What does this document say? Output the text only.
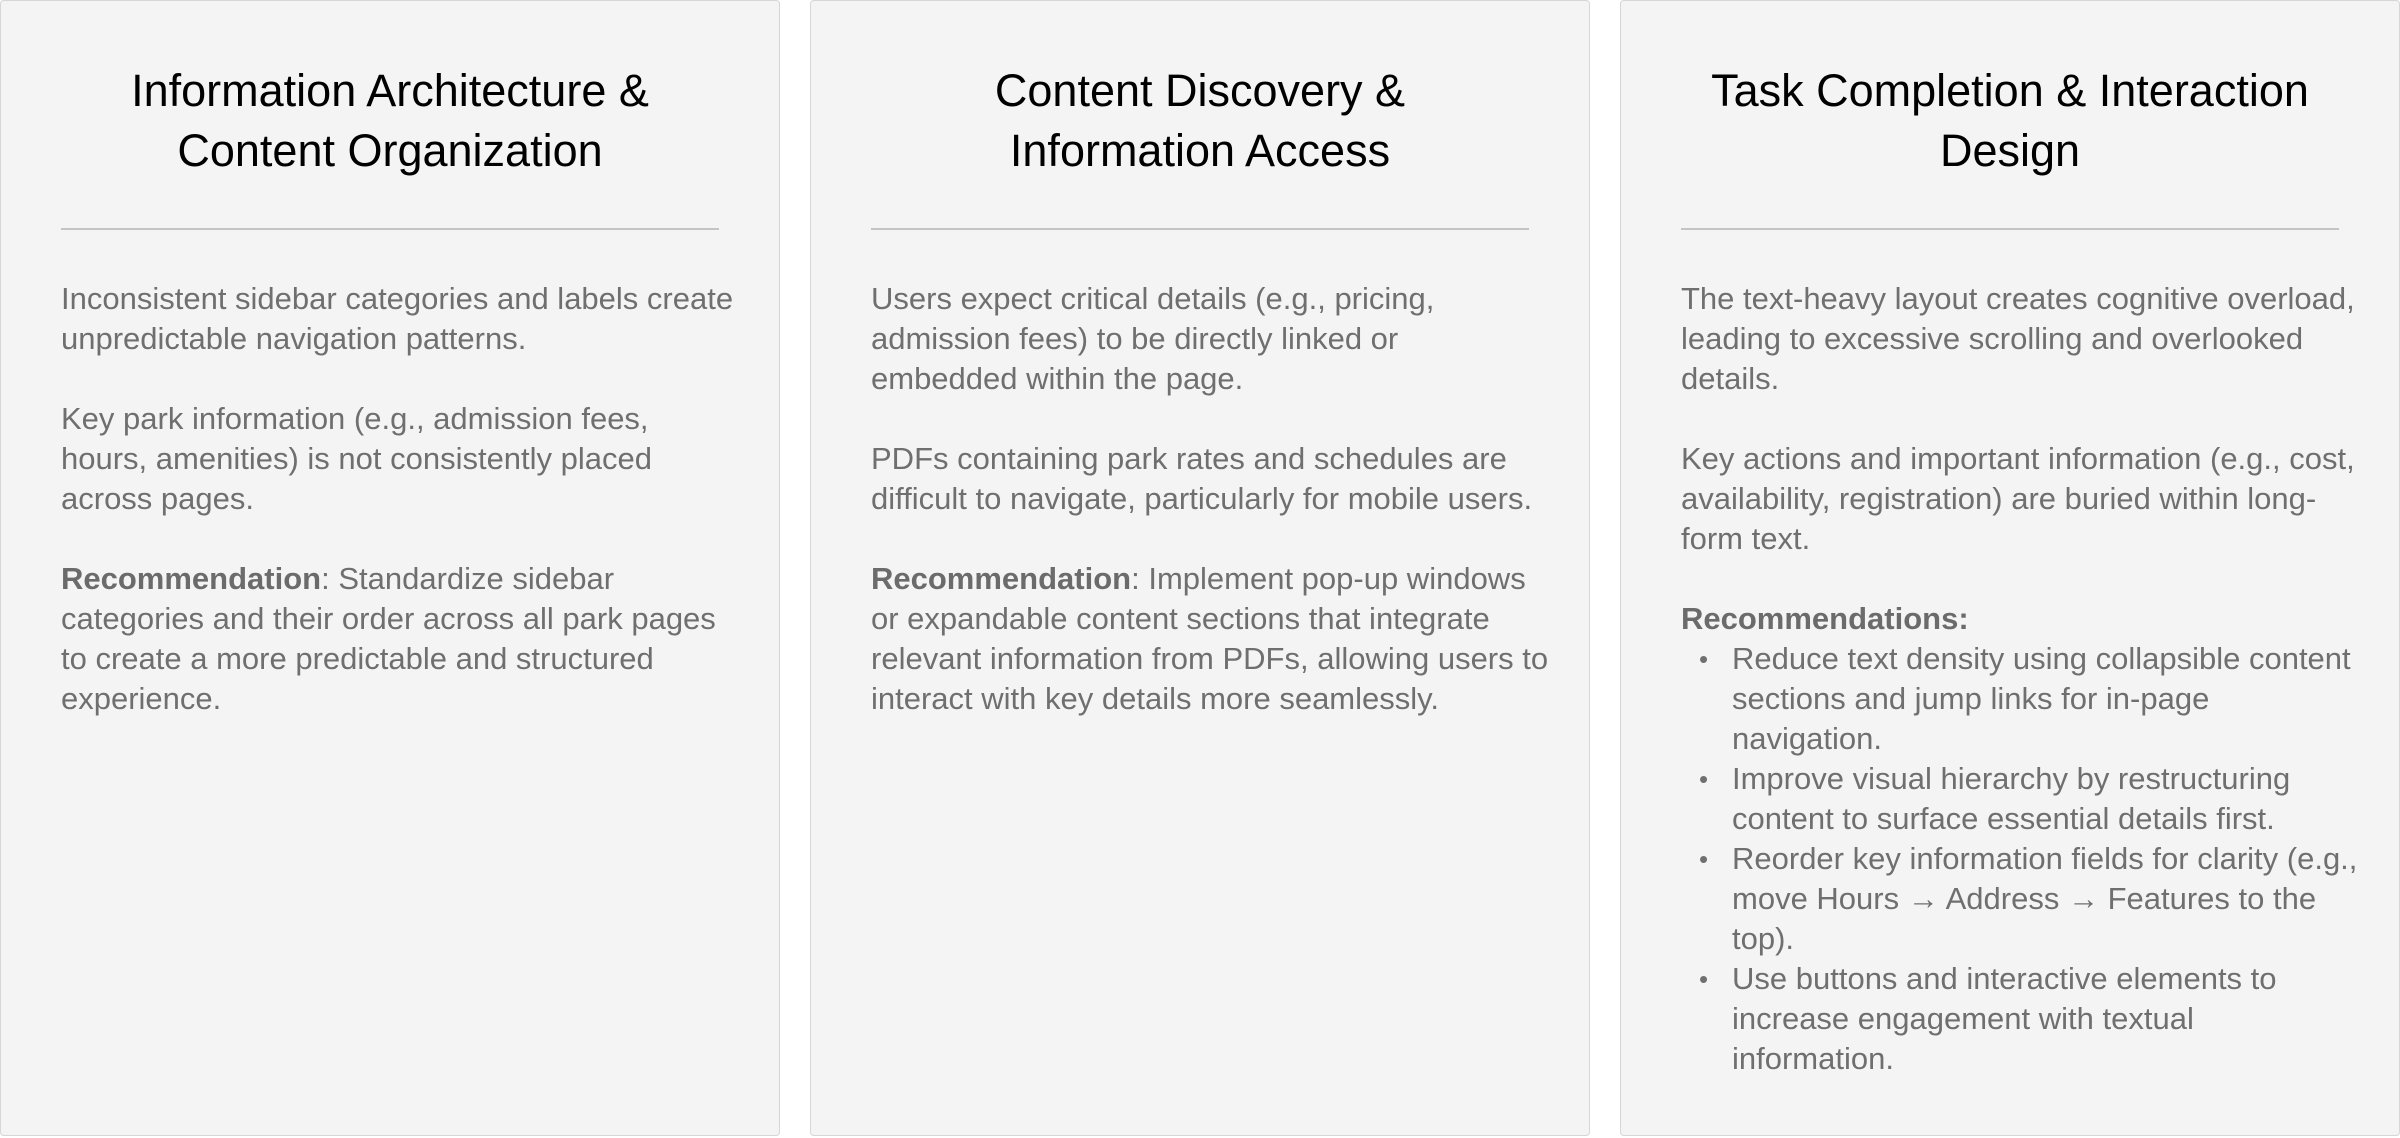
Information Architecture &
Content Organization

Inconsistent sidebar categories and labels create unpredictable navigation patterns.

Key park information (e.g., admission fees, hours, amenities) is not consistently placed across pages.

Recommendation: Standardize sidebar categories and their order across all park pages to create a more predictable and structured experience.

Content Discovery &
Information Access

Users expect critical details (e.g., pricing, admission fees) to be directly linked or embedded within the page.

PDFs containing park rates and schedules are difficult to navigate, particularly for mobile users.

Recommendation: Implement pop-up windows or expandable content sections that integrate relevant information from PDFs, allowing users to interact with key details more seamlessly.

Task Completion & Interaction
Design

The text-heavy layout creates cognitive overload, leading to excessive scrolling and overlooked details.

Key actions and important information (e.g., cost, availability, registration) are buried within long-form text.

Recommendations:
• Reduce text density using collapsible content sections and jump links for in-page navigation.
• Improve visual hierarchy by restructuring content to surface essential details first.
• Reorder key information fields for clarity (e.g., move Hours → Address → Features to the top).
• Use buttons and interactive elements to increase engagement with textual information.
